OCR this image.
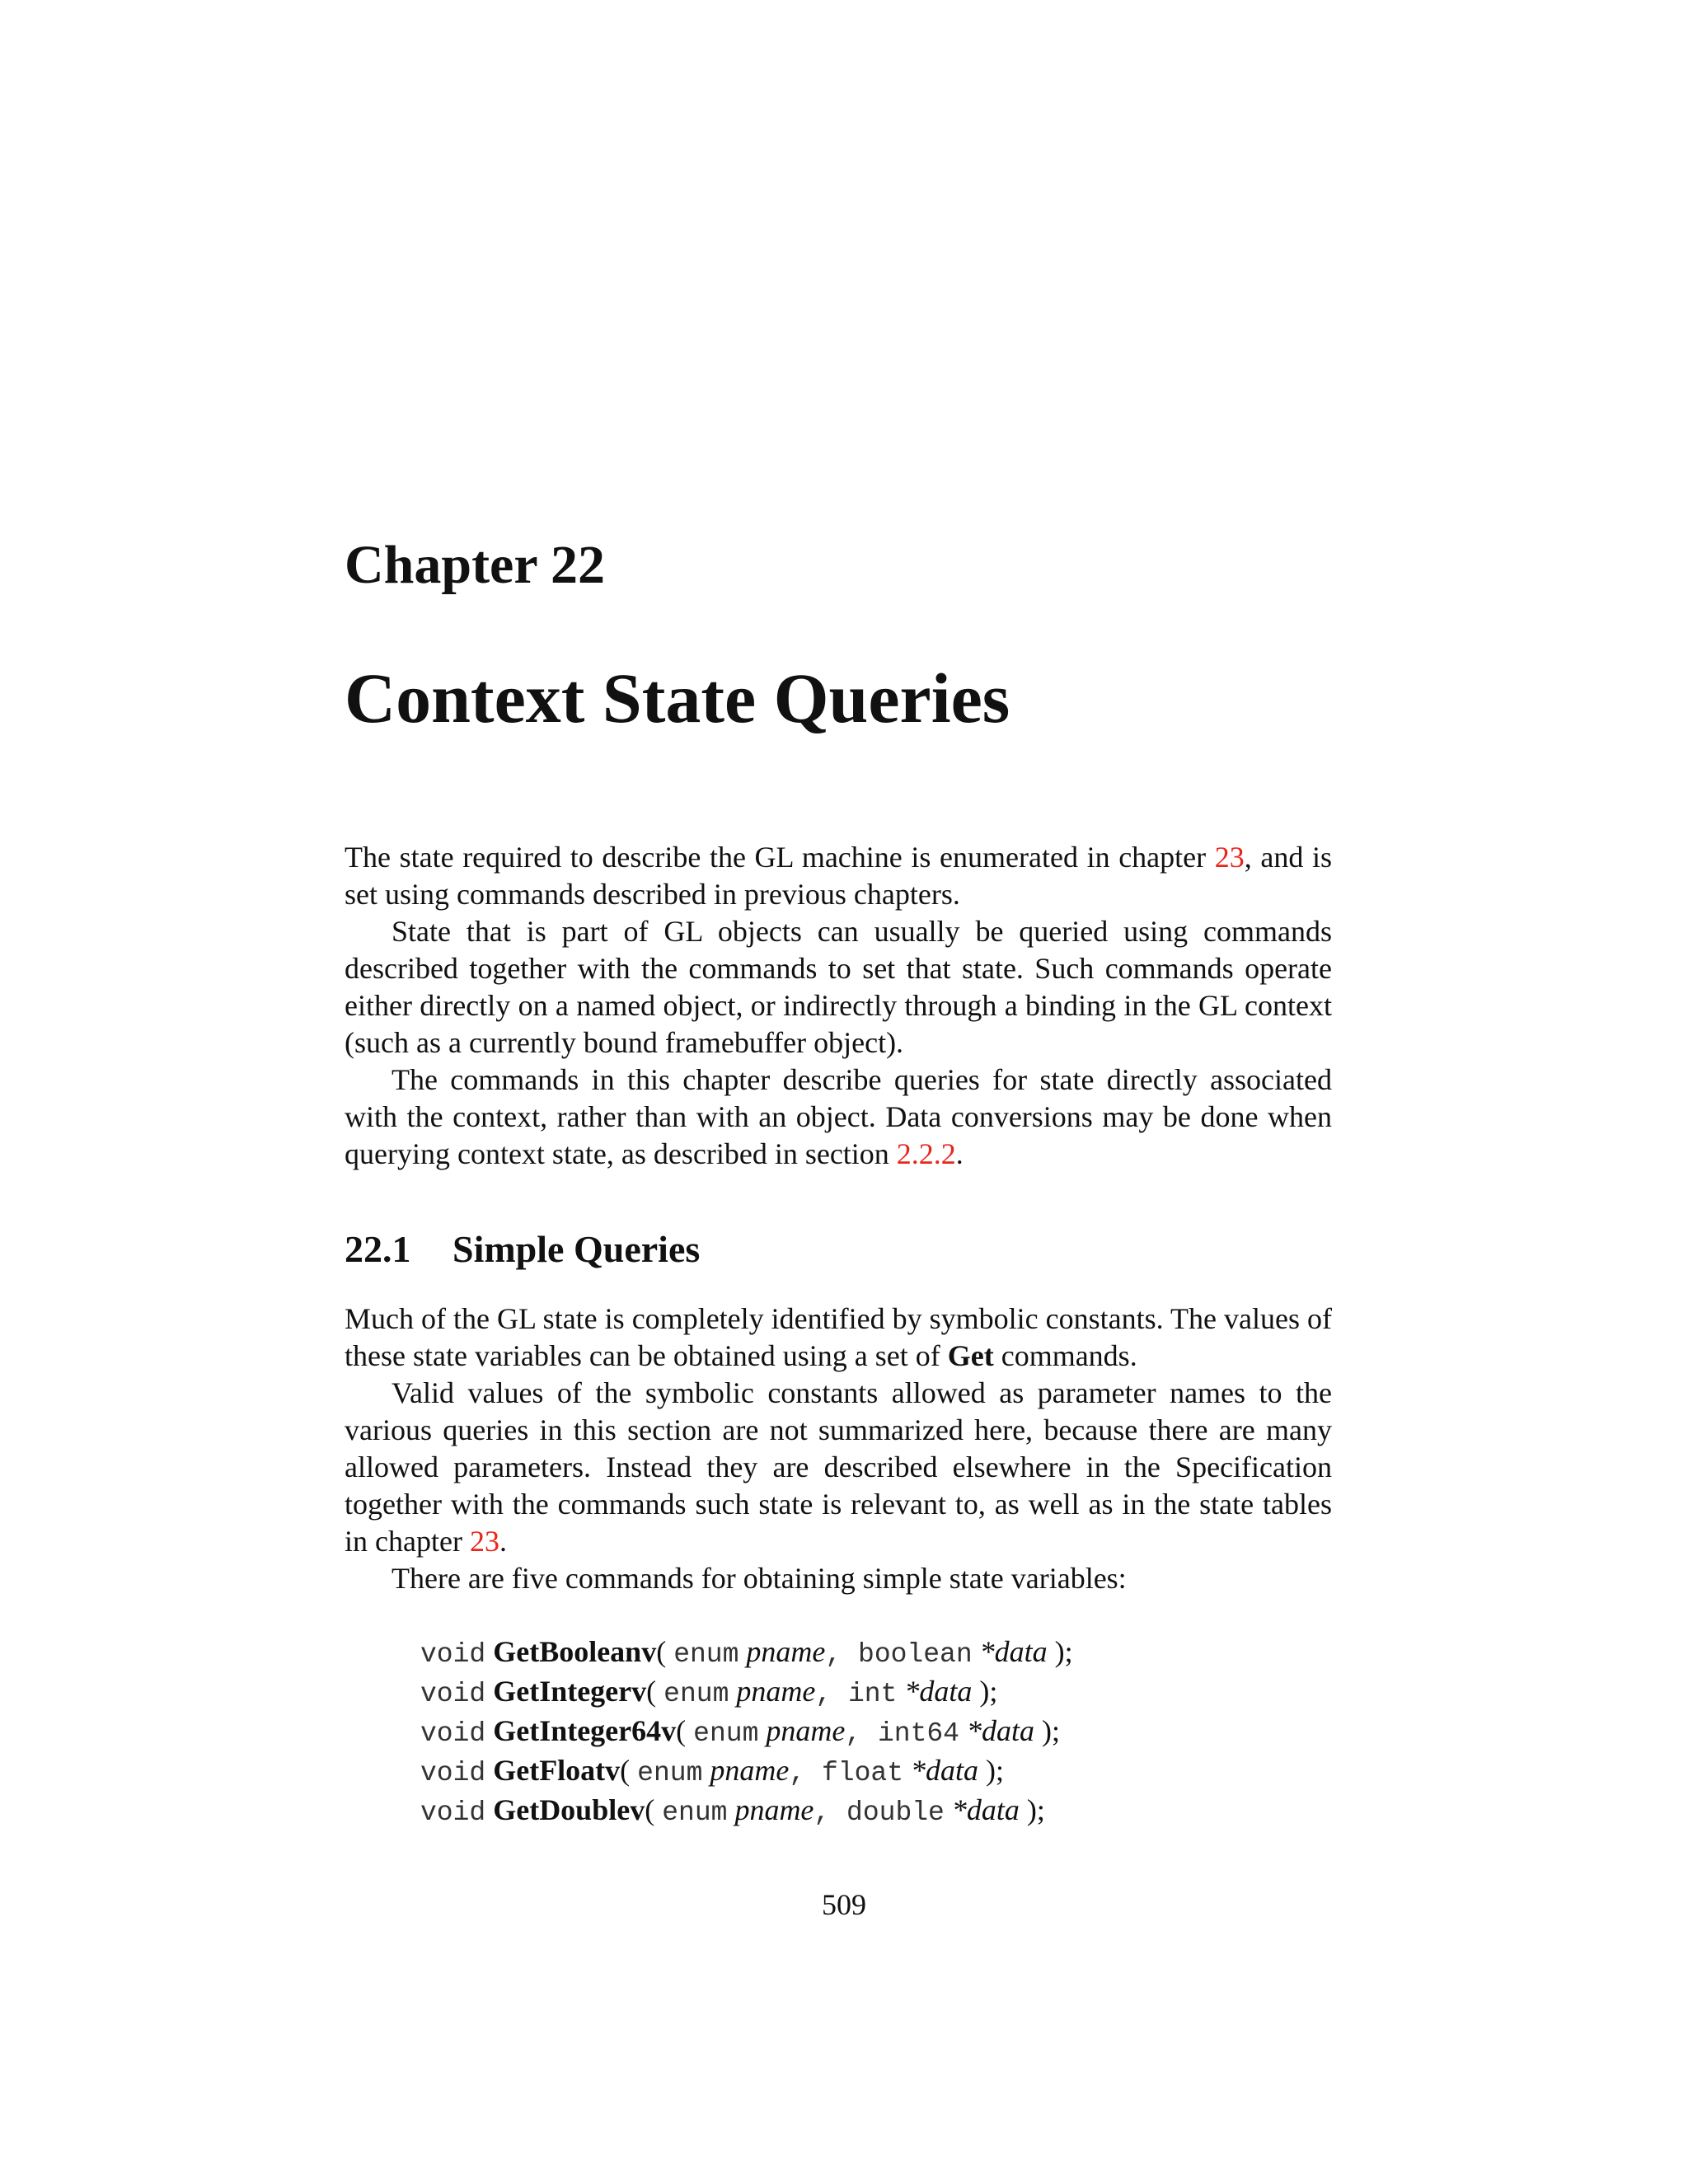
Chapter 22
Context State Queries

The state required to describe the GL machine is enumerated in chapter 23, and is set using commands described in previous chapters.

State that is part of GL objects can usually be queried using commands described together with the commands to set that state. Such commands operate either directly on a named object, or indirectly through a binding in the GL context (such as a currently bound framebuffer object).

The commands in this chapter describe queries for state directly associated with the context, rather than with an object. Data conversions may be done when querying context state, as described in section 2.2.2.

22.1 Simple Queries

Much of the GL state is completely identified by symbolic constants. The values of these state variables can be obtained using a set of Get commands.

Valid values of the symbolic constants allowed as parameter names to the various queries in this section are not summarized here, because there are many allowed parameters. Instead they are described elsewhere in the Specification together with the commands such state is relevant to, as well as in the state tables in chapter 23.

There are five commands for obtaining simple state variables:

void GetBooleanv( enum pname, boolean *data );
void GetIntegerv( enum pname, int *data );
void GetInteger64v( enum pname, int64 *data );
void GetFloatv( enum pname, float *data );
void GetDoublev( enum pname, double *data );
509
